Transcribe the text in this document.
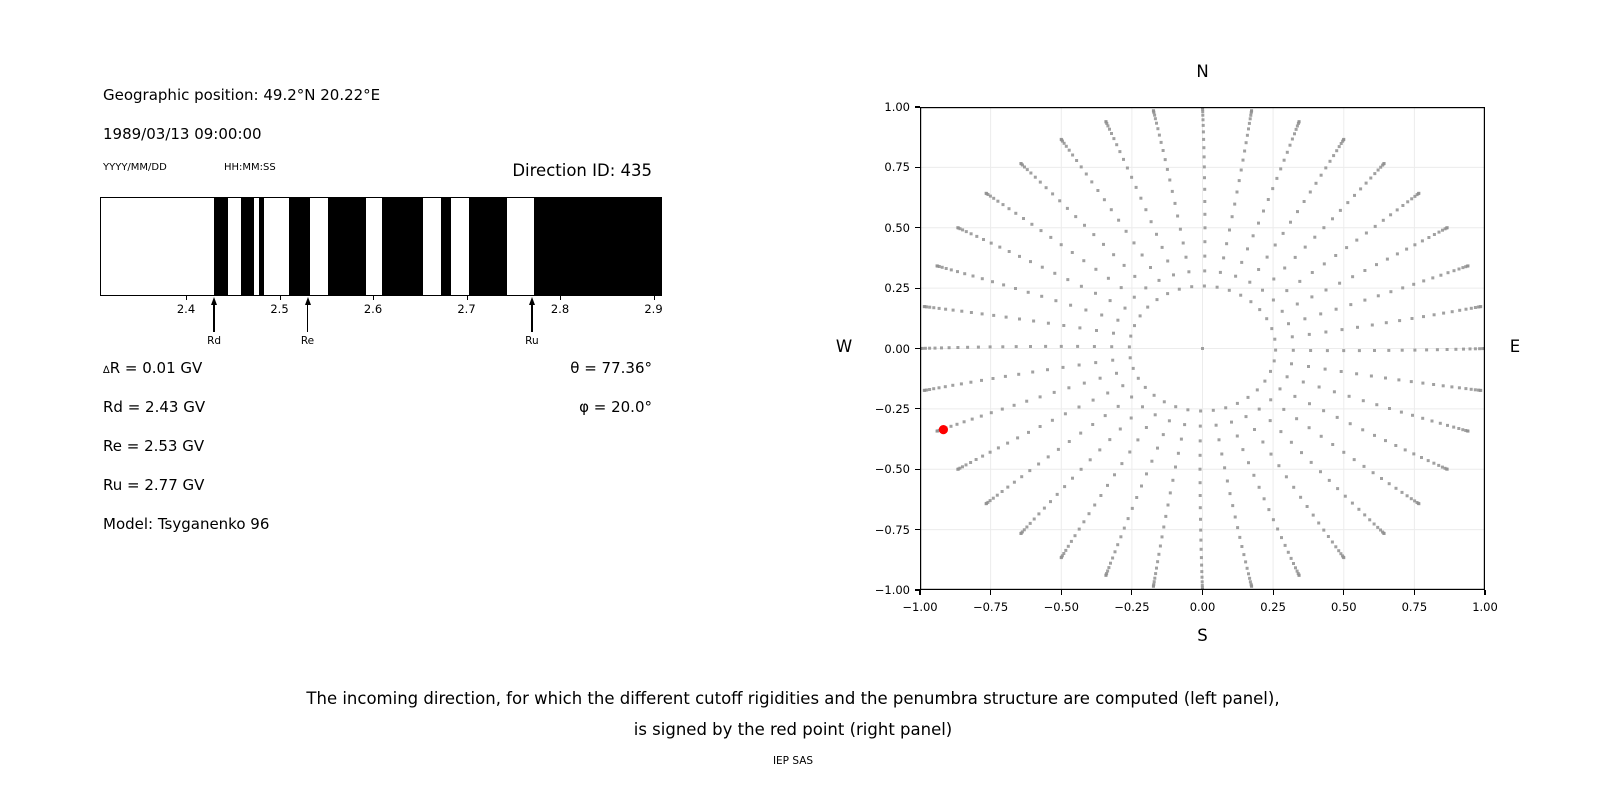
Geographic position: 49.2°N 20.22°E
1989/03/13 09:00:00
YYYY/MM/DD	HH:MM:SS	Direction ID: 435
2.4	2.5	2.6	2.7	2.8	2.9
Rd	Re	Ru
∆R = 0.01 GV
Rd = 2.43 GV
Re = 2.53 GV
Ru = 2.77 GV
Model: Tsyganenko 96
θ = 77.36°
φ = 20.0°
N
S
W	E
−1.00
−1.00
−0.75
−0.75
−0.50
−0.50
−0.25
−0.25
0.00
0.00
0.25
0.25
0.50
0.50
0.75
0.75
1.00
1.00
The incoming direction, for which the different cutoff rigidities and the penumbra structure are computed (left panel),
is signed by the red point (right panel)
IEP SAS
